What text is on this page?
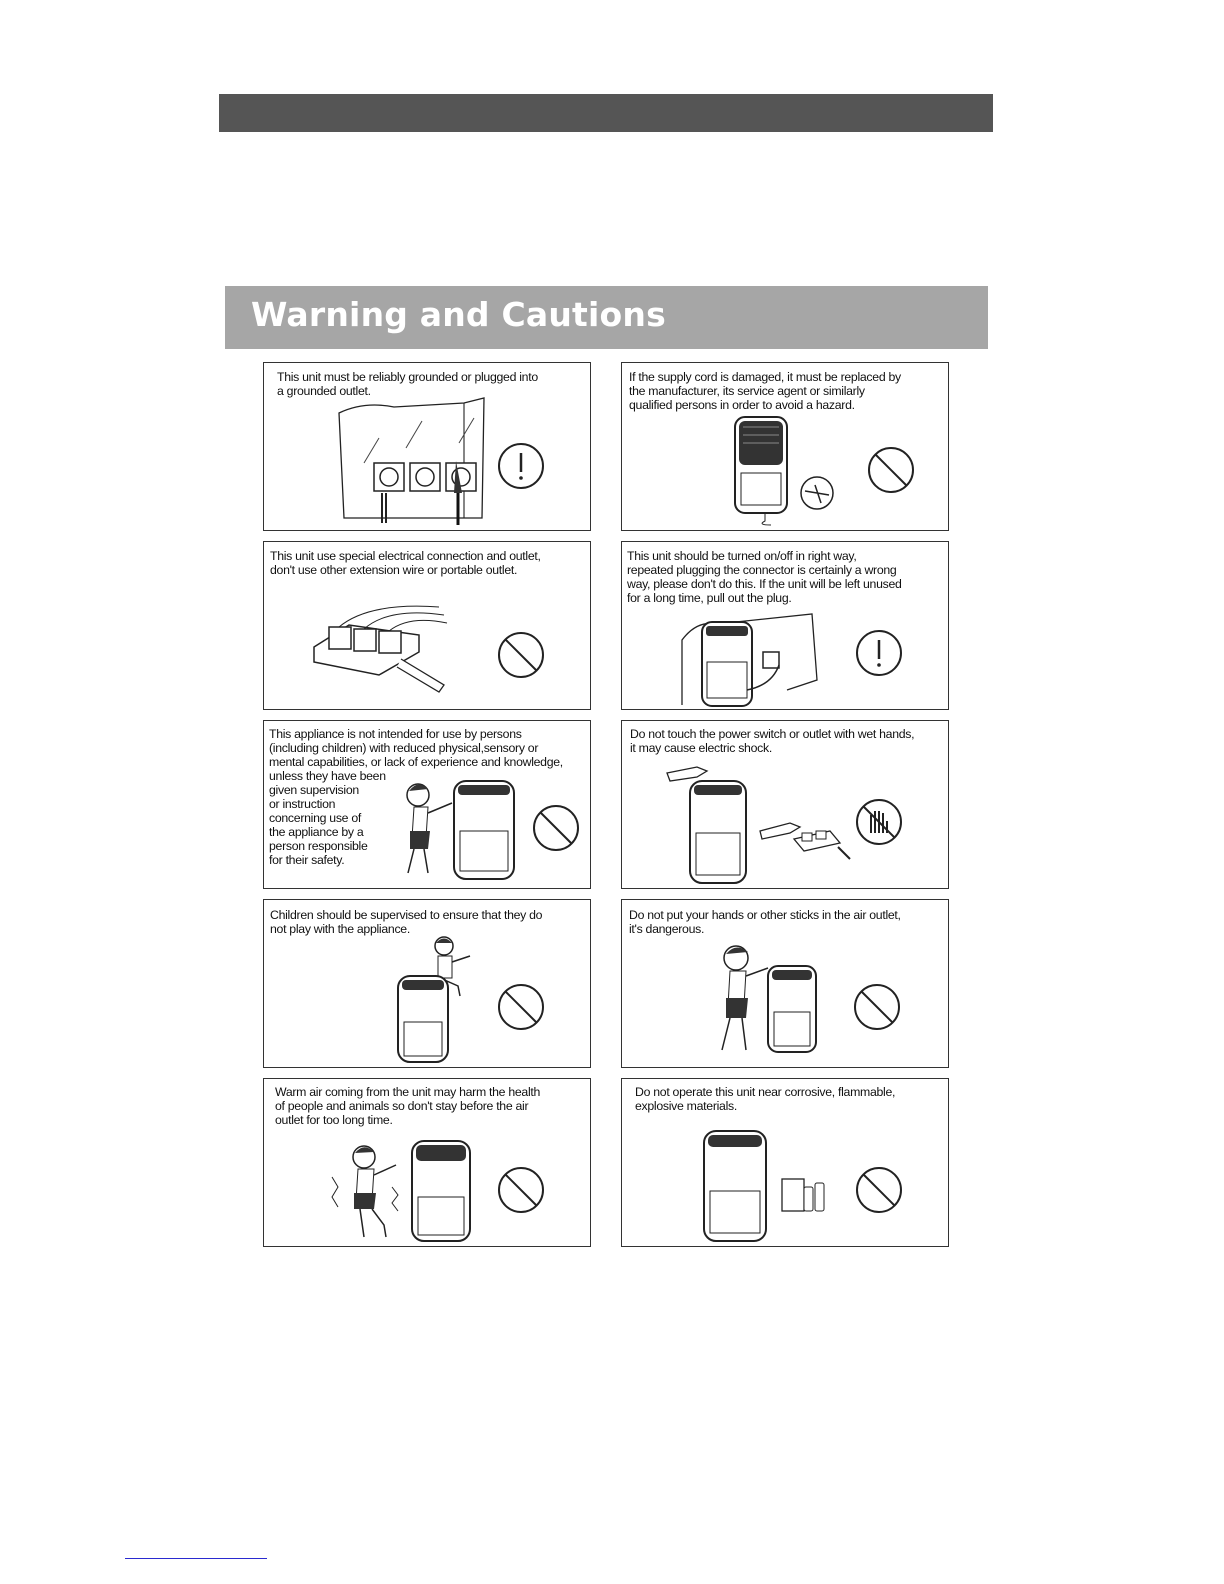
Warning and Cautions

This unit must be reliably grounded or plugged into
a grounded outlet.

If the supply cord is damaged, it must be replaced by
the manufacturer, its service agent or similarly
qualified persons in order to avoid a hazard.

This unit use special electrical connection and outlet,
don't use other extension wire or portable outlet.

This unit should be turned on/off in right way,
repeated plugging the connector is certainly a wrong
way, please don't do this. If the unit will be left unused
for a long time, pull out the plug.

This appliance is not intended for use by persons
(including children) with reduced physical,sensory or
mental capabilities, or lack of experience and knowledge,
unless they have been
given supervision
or instruction
concerning use of
the appliance by a
person responsible
for their safety.

Do not touch the power switch or outlet with wet hands,
it may cause electric shock.

Children should be supervised to ensure that they do
not play with the appliance.

Do not put your hands or other sticks in the air outlet,
it's dangerous.

Warm air coming from the unit may harm the health
of people and animals so don't stay before the air
outlet for too long time.

Do not operate this unit near corrosive, flammable,
explosive materials.
